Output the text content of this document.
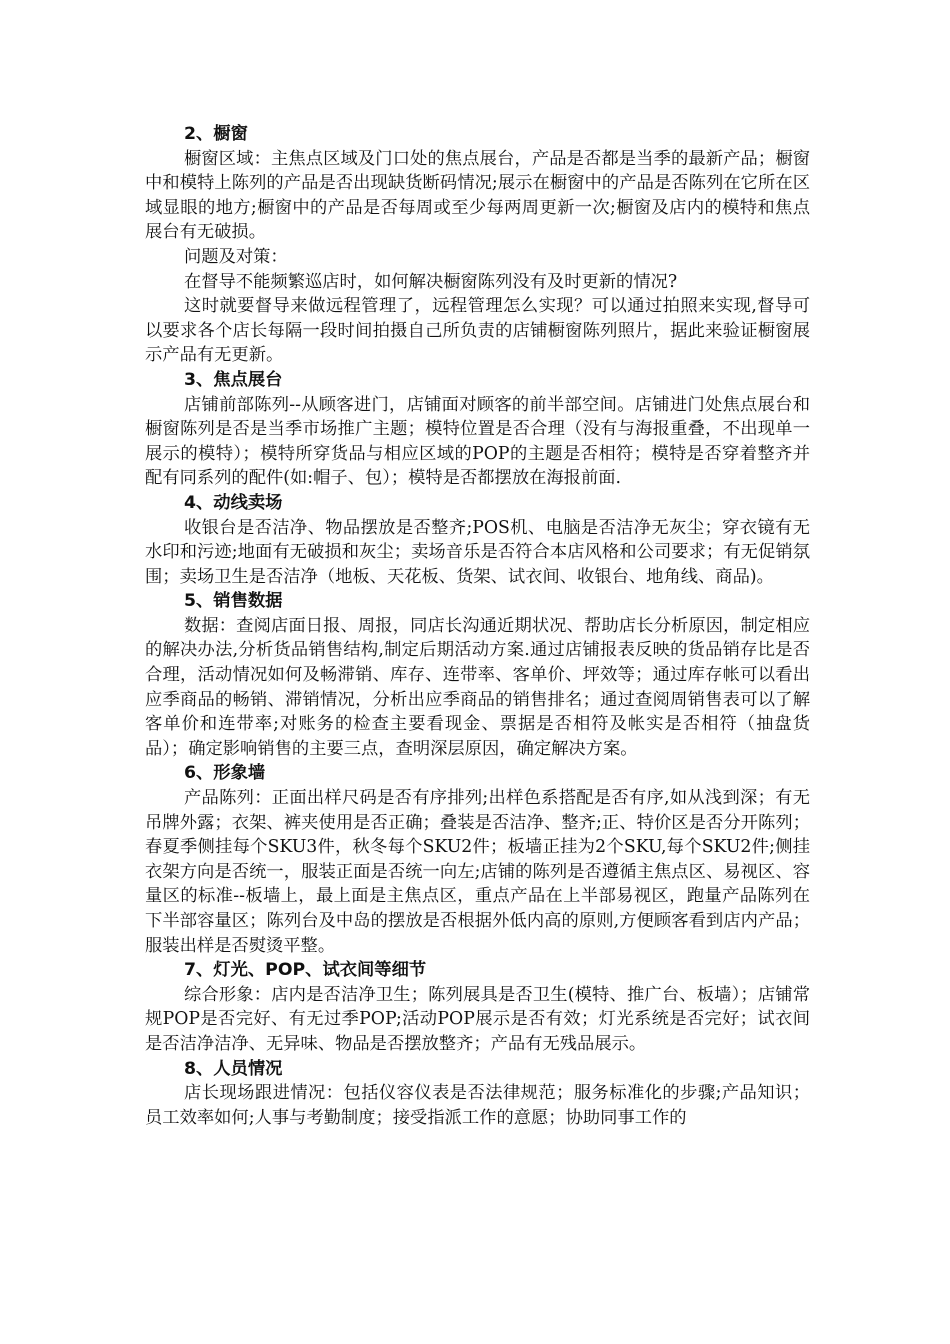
2、橱窗

橱窗区域：主焦点区域及门口处的焦点展台，产品是否都是当季的最新产品；橱窗中和模特上陈列的产品是否出现缺货断码情况;展示在橱窗中的产品是否陈列在它所在区域显眼的地方;橱窗中的产品是否每周或至少每两周更新一次;橱窗及店内的模特和焦点展台有无破损。

问题及对策：

在督导不能频繁巡店时，如何解决橱窗陈列没有及时更新的情况?

这时就要督导来做远程管理了，远程管理怎么实现？可以通过拍照来实现,督导可以要求各个店长每隔一段时间拍摄自己所负责的店铺橱窗陈列照片，据此来验证橱窗展示产品有无更新。

3、焦点展台

店铺前部陈列--从顾客进门，店铺面对顾客的前半部空间。店铺进门处焦点展台和橱窗陈列是否是当季市场推广主题；模特位置是否合理（没有与海报重叠，不出现单一展示的模特）；模特所穿货品与相应区域的POP的主题是否相符；模特是否穿着整齐并配有同系列的配件(如:帽子、包）；模特是否都摆放在海报前面.

4、动线卖场

收银台是否洁净、物品摆放是否整齐;POS机、电脑是否洁净无灰尘；穿衣镜有无水印和污迹;地面有无破损和灰尘；卖场音乐是否符合本店风格和公司要求；有无促销氛围；卖场卫生是否洁净（地板、天花板、货架、试衣间、收银台、地角线、商品)。

5、销售数据

数据：查阅店面日报、周报，同店长沟通近期状况、帮助店长分析原因，制定相应的解决办法,分析货品销售结构,制定后期活动方案.通过店铺报表反映的货品销存比是否合理，活动情况如何及畅滞销、库存、连带率、客单价、坪效等；通过库存帐可以看出应季商品的畅销、滞销情况，分析出应季商品的销售排名；通过查阅周销售表可以了解客单价和连带率;对账务的检查主要看现金、票据是否相符及帐实是否相符（抽盘货品）；确定影响销售的主要三点，查明深层原因，确定解决方案。

6、形象墙

产品陈列：正面出样尺码是否有序排列;出样色系搭配是否有序,如从浅到深；有无吊牌外露；衣架、裤夹使用是否正确；叠装是否洁净、整齐;正、特价区是否分开陈列；春夏季侧挂每个SKU3件，秋冬每个SKU2件；板墙正挂为2个SKU,每个SKU2件;侧挂衣架方向是否统一，服装正面是否统一向左;店铺的陈列是否遵循主焦点区、易视区、容量区的标准--板墙上，最上面是主焦点区，重点产品在上半部易视区，跑量产品陈列在下半部容量区；陈列台及中岛的摆放是否根据外低内高的原则,方便顾客看到店内产品；服装出样是否熨烫平整。

7、灯光、POP、试衣间等细节

综合形象：店内是否洁净卫生；陈列展具是否卫生(模特、推广台、板墙）；店铺常规POP是否完好、有无过季POP;活动POP展示是否有效；灯光系统是否完好；试衣间是否洁净洁净、无异味、物品是否摆放整齐；产品有无残品展示。

8、人员情况

店长现场跟进情况：包括仪容仪表是否法律规范；服务标准化的步骤;产品知识；员工效率如何;人事与考勤制度；接受指派工作的意愿；协助同事工作的
